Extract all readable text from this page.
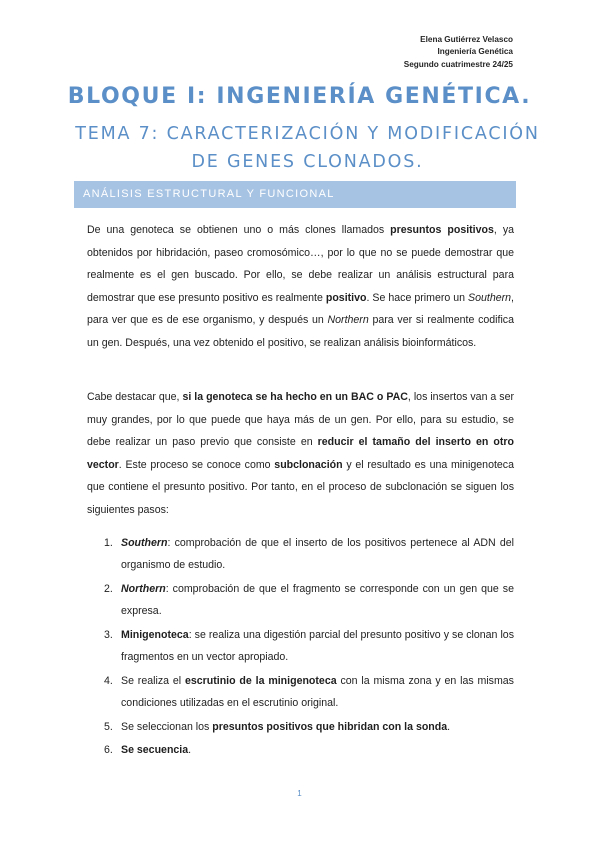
Elena Gutiérrez Velasco
Ingeniería Genética
Segundo cuatrimestre 24/25
BLOQUE I: INGENIERÍA GENÉTICA.
TEMA 7: CARACTERIZACIÓN Y MODIFICACIÓN DE GENES CLONADOS.
ANÁLISIS ESTRUCTURAL Y FUNCIONAL
De una genoteca se obtienen uno o más clones llamados presuntos positivos, ya obtenidos por hibridación, paseo cromosómico…, por lo que no se puede demostrar que realmente es el gen buscado. Por ello, se debe realizar un análisis estructural para demostrar que ese presunto positivo es realmente positivo. Se hace primero un Southern, para ver que es de ese organismo, y después un Northern para ver si realmente codifica un gen. Después, una vez obtenido el positivo, se realizan análisis bioinformáticos.
Cabe destacar que, si la genoteca se ha hecho en un BAC o PAC, los insertos van a ser muy grandes, por lo que puede que haya más de un gen. Por ello, para su estudio, se debe realizar un paso previo que consiste en reducir el tamaño del inserto en otro vector. Este proceso se conoce como subclonación y el resultado es una minigenoteca que contiene el presunto positivo. Por tanto, en el proceso de subclonación se siguen los siguientes pasos:
1. Southern: comprobación de que el inserto de los positivos pertenece al ADN del organismo de estudio.
2. Northern: comprobación de que el fragmento se corresponde con un gen que se expresa.
3. Minigenoteca: se realiza una digestión parcial del presunto positivo y se clonan los fragmentos en un vector apropiado.
4. Se realiza el escrutinio de la minigenoteca con la misma zona y en las mismas condiciones utilizadas en el escrutinio original.
5. Se seleccionan los presuntos positivos que hibridan con la sonda.
6. Se secuencia.
1
